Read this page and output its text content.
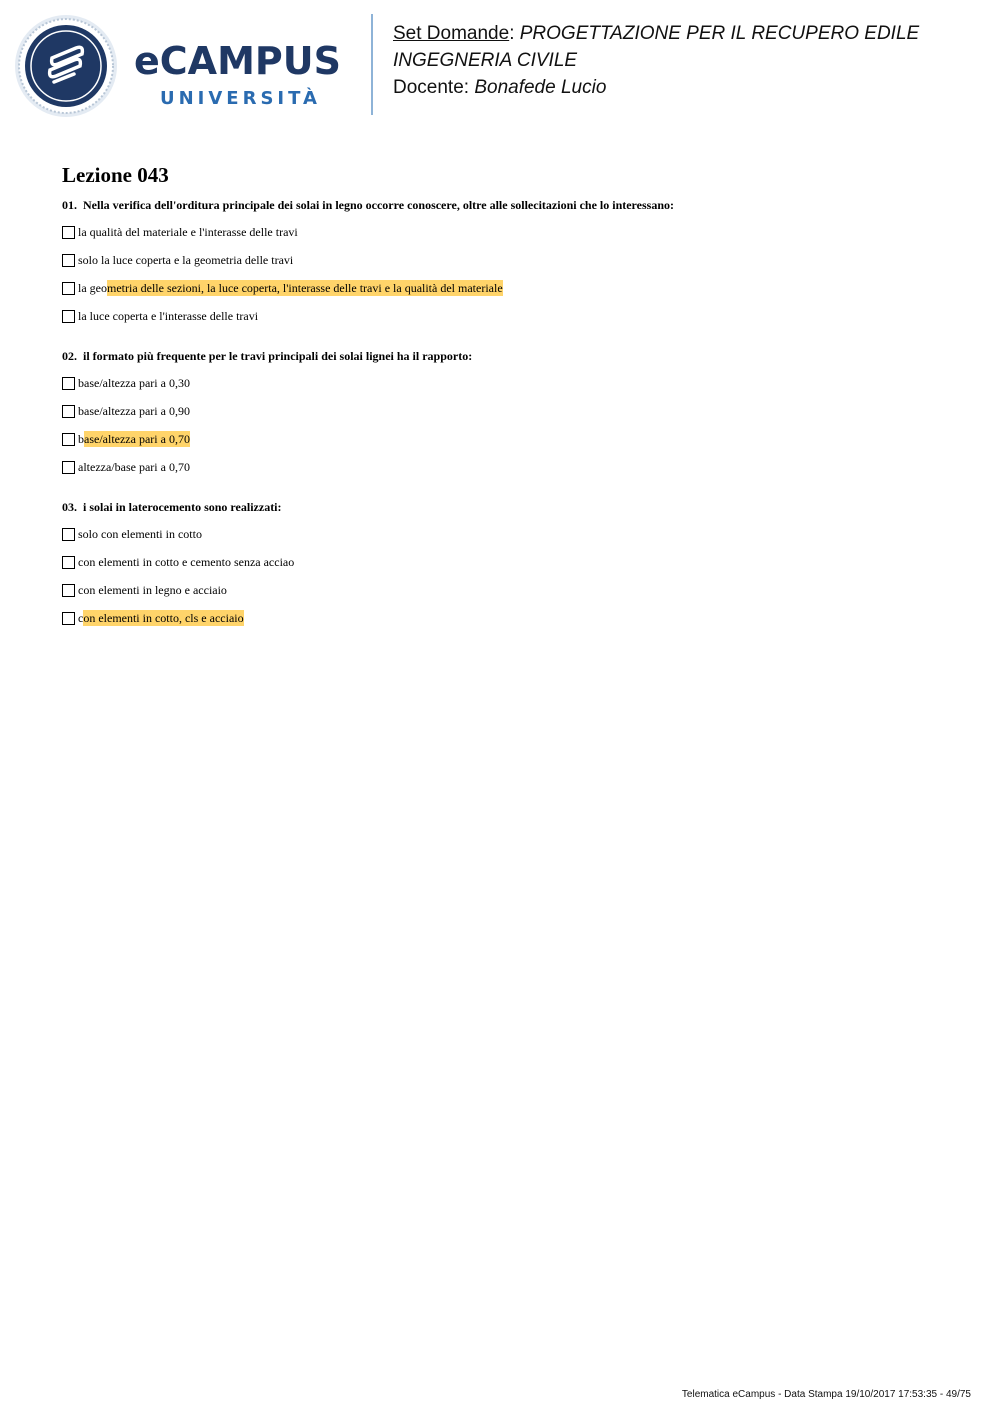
eCAMPUS
UNIVERSITÀ
Set Domande: PROGETTAZIONE PER IL RECUPERO EDILE
INGEGNERIA CIVILE
Docente: Bonafede Lucio
Lezione 043
01. Nella verifica dell'orditura principale dei solai in legno occorre conoscere, oltre alle sollecitazioni che lo interessano:
la qualità del materiale e l'interasse delle travi
solo la luce coperta e la geometria delle travi
la geo metria delle sezioni, la luce coperta, l'interasse delle travi e la qualità del materiale
la luce coperta e l'interasse delle travi
02. il formato più frequente per le travi principali dei solai lignei ha il rapporto:
base/altezza pari a 0,30
base/altezza pari a 0,90
b ase/altezza pari a 0,70
altezza/base pari a 0,70
03. i solai in laterocemento sono realizzati:
solo con elementi in cotto
con elementi in cotto e cemento senza acciao
con elementi in legno e acciaio
c on elementi in cotto, cls e acciaio
Telematica eCampus - Data Stampa 19/10/2017 17:53:35 - 49/75
